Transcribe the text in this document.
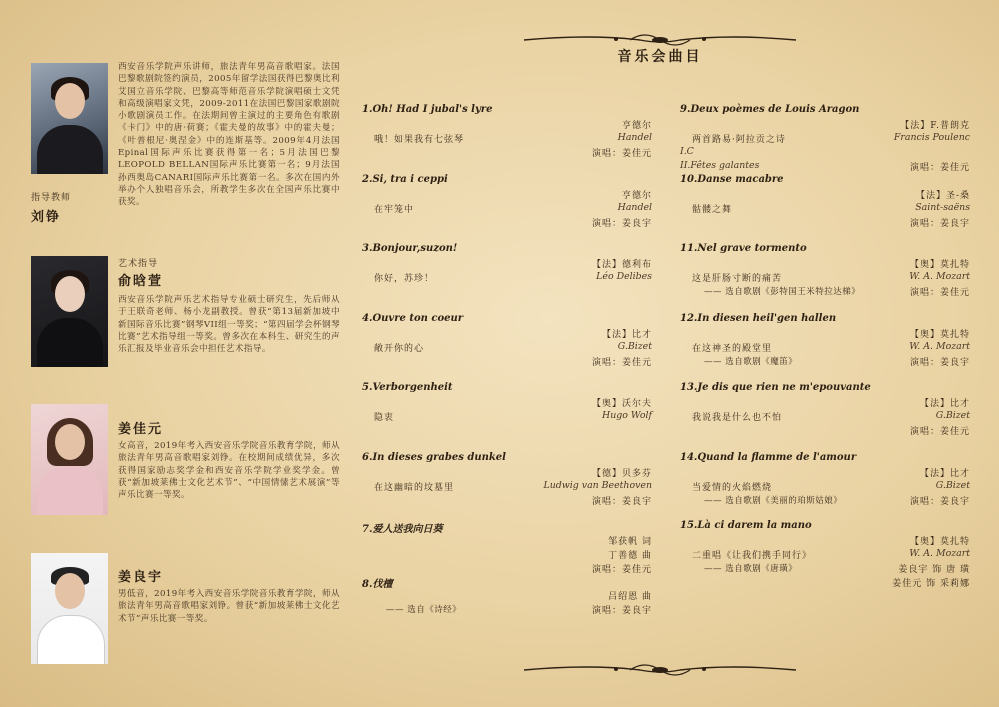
指导教师
刘铮

西安音乐学院声乐讲师，旅法青年男高音歌唱家。法国巴黎歌剧院签约演员，2005年留学法国获得巴黎奥比利艾国立音乐学院、巴黎高等师范音乐学院演唱硕士文凭和高级演唱家文凭，2009-2011在法国巴黎国家歌剧院小歌剧演员工作。在法期间曾主演过的主要角色有歌剧《卡门》中的唐·荷赛；《霍夫曼的故事》中的霍夫曼；《叶普根尼·奥涅金》中的连斯基等。2009年4月法国Epinal国际声乐比赛获得第一名；5月法国巴黎LEOPOLD BELLAN国际声乐比赛第一名；9月法国孙西奥岛CANARI国际声乐比赛第一名。多次在国内外举办个人独唱音乐会，所教学生多次在全国声乐比赛中获奖。

艺术指导
俞晗萱

西安音乐学院声乐艺术指导专业硕士研究生，先后师从于王联奇老师、杨小龙副教授。曾获“第13届新加坡中新国际音乐比赛”钢琴VII组一等奖；“第四届学会杯钢琴比赛”艺术指导组一等奖。曾多次在本科生、研究生的声乐汇报及毕业音乐会中担任艺术指导。

姜佳元

女高音，2019年考入西安音乐学院音乐教育学院，师从旅法青年男高音歌唱家刘铮。在校期间成绩优异，多次获得国家励志奖学金和西安音乐学院学业奖学金。曾获“新加坡莱佛士文化艺术节”、“中国情愫艺术展演”等声乐比赛一等奖。

姜良宇

男低音，2019年考入西安音乐学院音乐教育学院，师从旅法青年男高音歌唱家刘铮。曾获“新加坡莱佛士文化艺术节”声乐比赛一等奖。

音乐会曲目
1.Oh! Had I jubal's lyre
亨德尔
哦！如果我有七弦琴	Handel
演唱：姜佳元
2.Si, tra i ceppi
亨德尔
在牢笼中	Handel
演唱：姜良宇
3.Bonjour,suzon!
【法】德利布
你好，苏珍！	Léo Delibes
4.Ouvre ton coeur
【法】比才
敞开你的心	G.Bizet
演唱：姜佳元
5.Verborgenheit
【奥】沃尔夫
隐衷	Hugo Wolf
6.In dieses grabes dunkel
【德】贝多芬
在这幽暗的坟墓里	Ludwig van Beethoven
演唱：姜良宇
7.爱人送我向日葵
邹获帆 词
丁善德 曲
演唱：姜佳元
8.伐檀
吕绍恩 曲
—— 选自《诗经》	演唱：姜良宇
9.Deux poèmes de Louis Aragon
【法】F.普朗克
两首路易·阿拉贡之诗	Francis Poulenc
I.C
II.Fêtes galantes	演唱：姜佳元
10.Danse macabre
【法】圣-桑
骷髅之舞	Saint-saëns
演唱：姜良宇
11.Nel grave tormento
【奥】莫扎特
这是肝肠寸断的痛苦	W. A. Mozart
—— 选自歌剧《彭特国王米特拉达梯》	演唱：姜佳元
12.In diesen heil'gen hallen
【奥】莫扎特
在这神圣的殿堂里	W. A. Mozart
—— 选自歌剧《魔笛》	演唱：姜良宇
13.Je dis que rien ne m'epouvante
【法】比才
我说我是什么也不怕	G.Bizet
演唱：姜佳元
14.Quand la flamme de l'amour
【法】比才
当爱情的火焰燃烧	G.Bizet
—— 选自歌剧《美丽的珀斯姑娘》	演唱：姜良宇
15.Là ci darem la mano
【奥】莫扎特
二重唱《让我们携手同行》	W. A. Mozart
—— 选自歌剧《唐璜》	姜良宇 饰 唐 璜
姜佳元 饰 采莉娜
